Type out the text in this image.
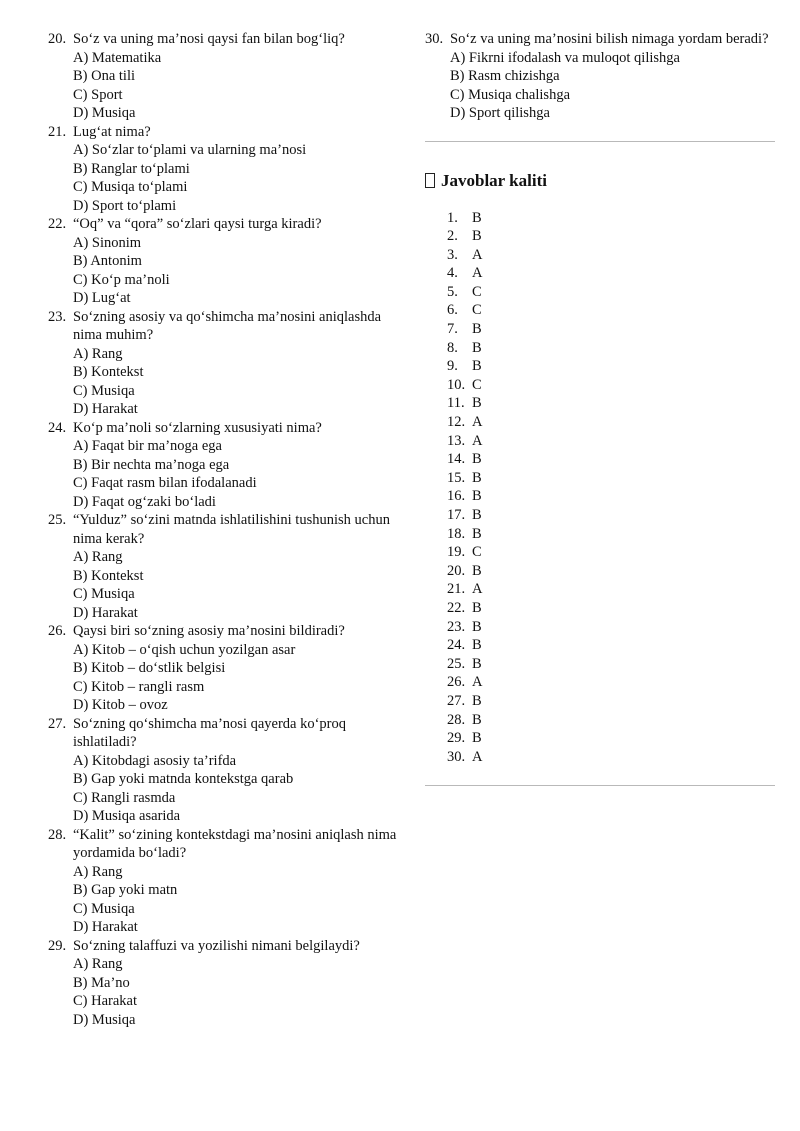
20. So‘z va uning ma’nosi qaysi fan bilan bog‘liq?
A) Matematika
B) Ona tili
C) Sport
D) Musiqa
21. Lug‘at nima?
A) So‘zlar to‘plami va ularning ma’nosi
B) Ranglar to‘plami
C) Musiqa to‘plami
D) Sport to‘plami
22. “Oq” va “qora” so‘zlari qaysi turga kiradi?
A) Sinonim
B) Antonim
C) Ko‘p ma’noli
D) Lug‘at
23. So‘zning asosiy va qo‘shimcha ma’nosini aniqlashda nima muhim?
A) Rang
B) Kontekst
C) Musiqa
D) Harakat
24. Ko‘p ma’noli so‘zlarning xususiyati nima?
A) Faqat bir ma’noga ega
B) Bir nechta ma’noga ega
C) Faqat rasm bilan ifodalanadi
D) Faqat og‘zaki bo‘ladi
25. “Yulduz” so‘zini matnda ishlatilishini tushunish uchun nima kerak?
A) Rang
B) Kontekst
C) Musiqa
D) Harakat
26. Qaysi biri so‘zning asosiy ma’nosini bildiradi?
A) Kitob – o‘qish uchun yozilgan asar
B) Kitob – do‘stlik belgisi
C) Kitob – rangli rasm
D) Kitob – ovoz
27. So‘zning qo‘shimcha ma’nosi qayerda ko‘proq ishlatiladi?
A) Kitobdagi asosiy ta’rifda
B) Gap yoki matnda kontekstga qarab
C) Rangli rasmda
D) Musiqa asarida
28. “Kalit” so‘zining kontekstdagi ma’nosini aniqlash nima yordamida bo‘ladi?
A) Rang
B) Gap yoki matn
C) Musiqa
D) Harakat
29. So‘zning talaffuzi va yozilishi nimani belgilaydi?
A) Rang
B) Ma’no
C) Harakat
D) Musiqa
30. So‘z va uning ma’nosini bilish nimaga yordam beradi?
A) Fikrni ifodalash va muloqot qilishga
B) Rasm chizishga
C) Musiqa chalishga
D) Sport qilishga
Javoblar kaliti
1. B
2. B
3. A
4. A
5. C
6. C
7. B
8. B
9. B
10. C
11. B
12. A
13. A
14. B
15. B
16. B
17. B
18. B
19. C
20. B
21. A
22. B
23. B
24. B
25. B
26. A
27. B
28. B
29. B
30. A
